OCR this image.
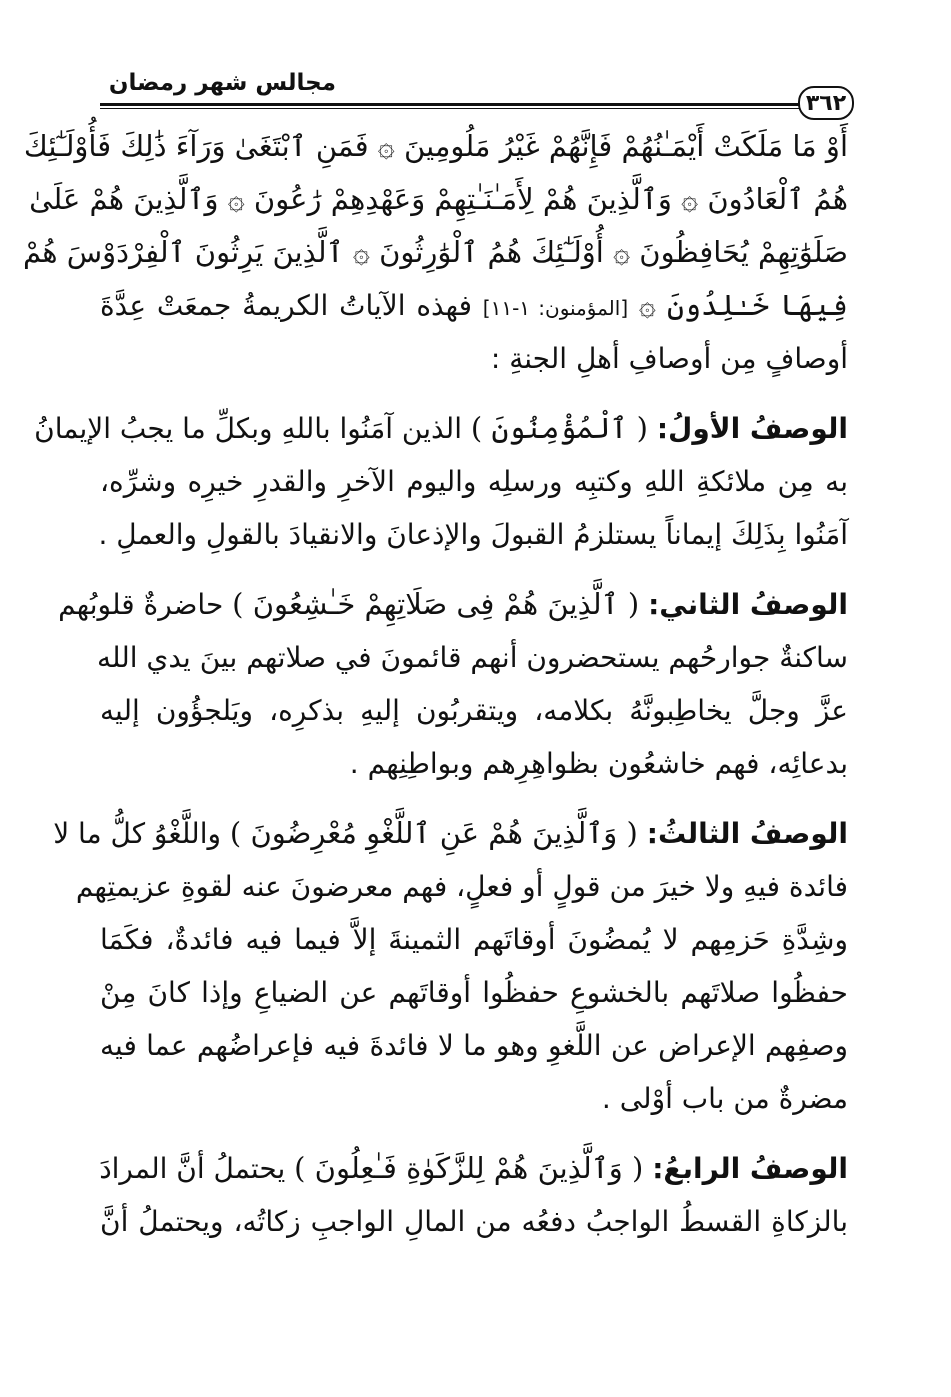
مجالس شهر رمضان
٣٦٢
أَوْ مَا مَلَكَتْ أَيْمَـٰنُهُمْ فَإِنَّهُمْ غَيْرُ مَلُومِينَ ۞ فَمَنِ ٱبْتَغَىٰ وَرَآءَ ذَٰلِكَ فَأُوْلَـٰٓئِكَ
هُمُ ٱلْعَادُونَ ۞ وَٱلَّذِينَ هُمْ لِأَمَـٰنَـٰتِهِمْ وَعَهْدِهِمْ رَٰعُونَ ۞ وَٱلَّذِينَ هُمْ عَلَىٰ
صَلَوَٰتِهِمْ يُحَافِظُونَ ۞ أُوْلَـٰٓئِكَ هُمُ ٱلْوَٰرِثُونَ ۞ ٱلَّذِينَ يَرِثُونَ ٱلْفِرْدَوْسَ هُمْ
فِيهَا خَـٰلِدُونَ ۞ [المؤمنون: ١-١١] فهذه الآياتُ الكريمةُ جمعَتْ عِدَّةَ
أوصافٍ مِن أوصافِ أهلِ الجنةِ :
الوصفُ الأولُ: ( ٱلْمُؤْمِنُونَ ) الذين آمَنُوا باللهِ وبكلِّ ما يجبُ الإيمانُ
به مِن ملائكةِ اللهِ وكتبِه ورسلِه واليوم الآخرِ والقدرِ خيرِه وشرِّه،
آمَنُوا بِذَلِكَ إيماناً يستلزمُ القبولَ والإذعانَ والانقيادَ بالقولِ والعملِ .
الوصفُ الثاني: ( ٱلَّذِينَ هُمْ فِى صَلَاتِهِمْ خَـٰشِعُونَ ) حاضرةٌ قلوبُهم
ساكنةٌ جوارحُهم يستحضرون أنهم قائمونَ في صلاتهم بينَ يدي الله
عزَّ وجلَّ يخاطِبونَّهُ بكلامه، ويتقربُون إليهِ بذكرِه، ويَلجؤُون إليه
بدعائِه، فهم خاشعُون بظواهِرِهم وبواطِنِهم .
الوصفُ الثالثُ: ( وَٱلَّذِينَ هُمْ عَنِ ٱللَّغْوِ مُعْرِضُونَ ) واللَّغْوُ كلُّ ما لا
فائدة فيهِ ولا خيرَ من قولٍ أو فعلٍ، فهم معرضونَ عنه لقوةِ عزيمتِهم
وشِدَّةِ حَزمِهم لا يُمضُونَ أوقاتَهم الثمينةَ إلاَّ فيما فيه فائدةٌ، فكَمَا
حفظُوا صلاتَهم بالخشوعِ حفظُوا أوقاتَهم عن الضياعِ وإذا كانَ مِنْ
وصفِهم الإعراض عن اللَّغوِ وهو ما لا فائدةَ فيه فإعراضُهم عما فيه
مضرةٌ من باب أوْلى .
الوصفُ الرابعُ: ( وَٱلَّذِينَ هُمْ لِلزَّكَوٰةِ فَـٰعِلُونَ ) يحتملُ أنَّ المرادَ
بالزكاةِ القسطُ الواجبُ دفعُه من المالِ الواجبِ زكاتُه، ويحتملُ أنَّ
